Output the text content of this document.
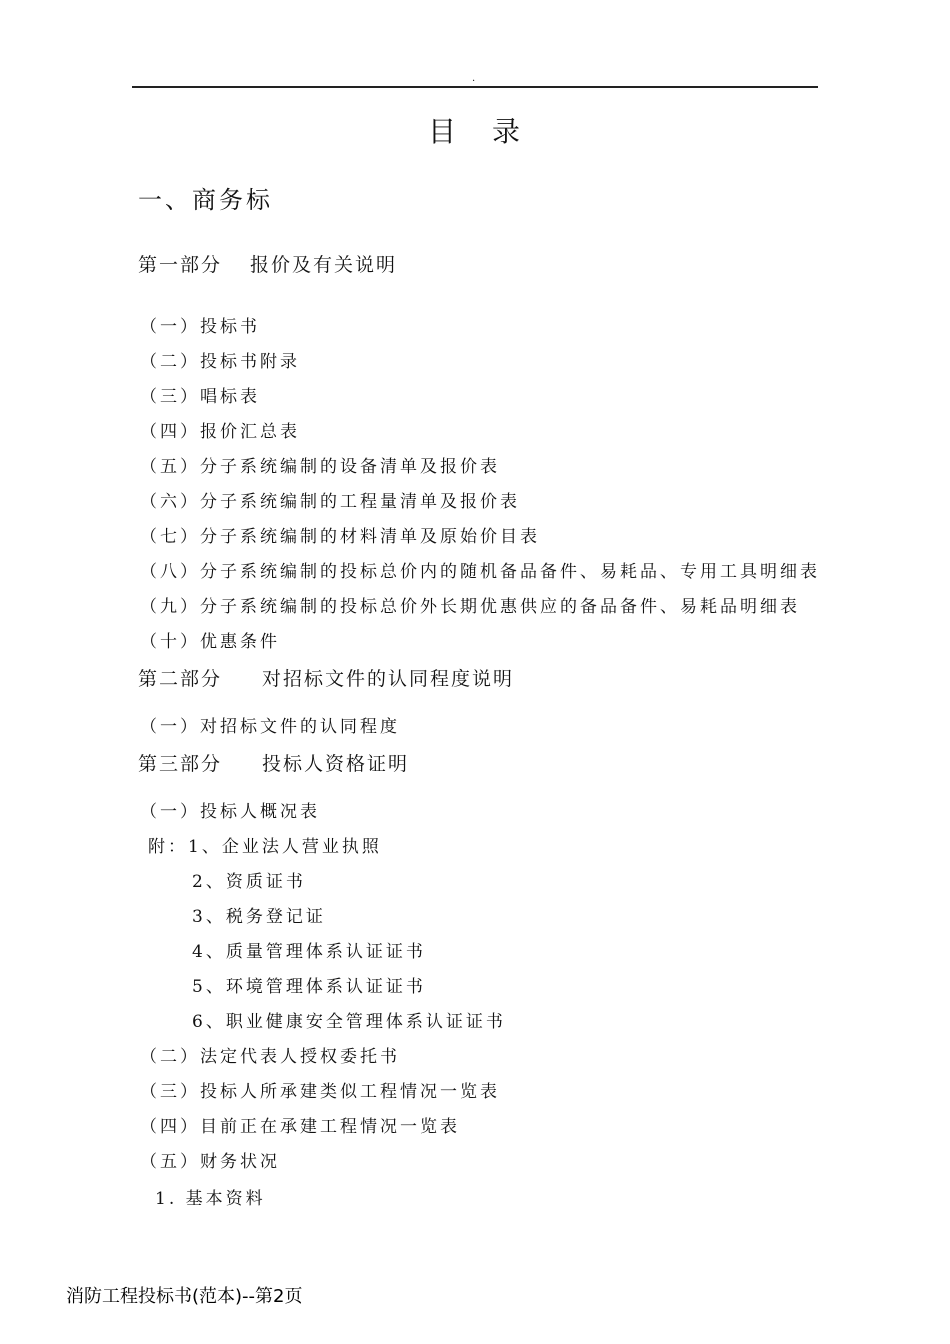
.
目 录
一、商务标
第一部分 报价及有关说明
（一）投标书
（二）投标书附录
（三）唱标表
（四）报价汇总表
（五）分子系统编制的设备清单及报价表
（六）分子系统编制的工程量清单及报价表
（七）分子系统编制的材料清单及原始价目表
（八）分子系统编制的投标总价内的随机备品备件、易耗品、专用工具明细表
（九）分子系统编制的投标总价外长期优惠供应的备品备件、易耗品明细表
（十）优惠条件
第二部分 对招标文件的认同程度说明
（一）对招标文件的认同程度
第三部分 投标人资格证明
（一）投标人概况表
附：1、企业法人营业执照
2、资质证书
3、税务登记证
4、质量管理体系认证证书
5、环境管理体系认证证书
6、职业健康安全管理体系认证证书
（二）法定代表人授权委托书
（三）投标人所承建类似工程情况一览表
（四）目前正在承建工程情况一览表
（五）财务状况
1. 基本资料
消防工程投标书(范本)--第2页
